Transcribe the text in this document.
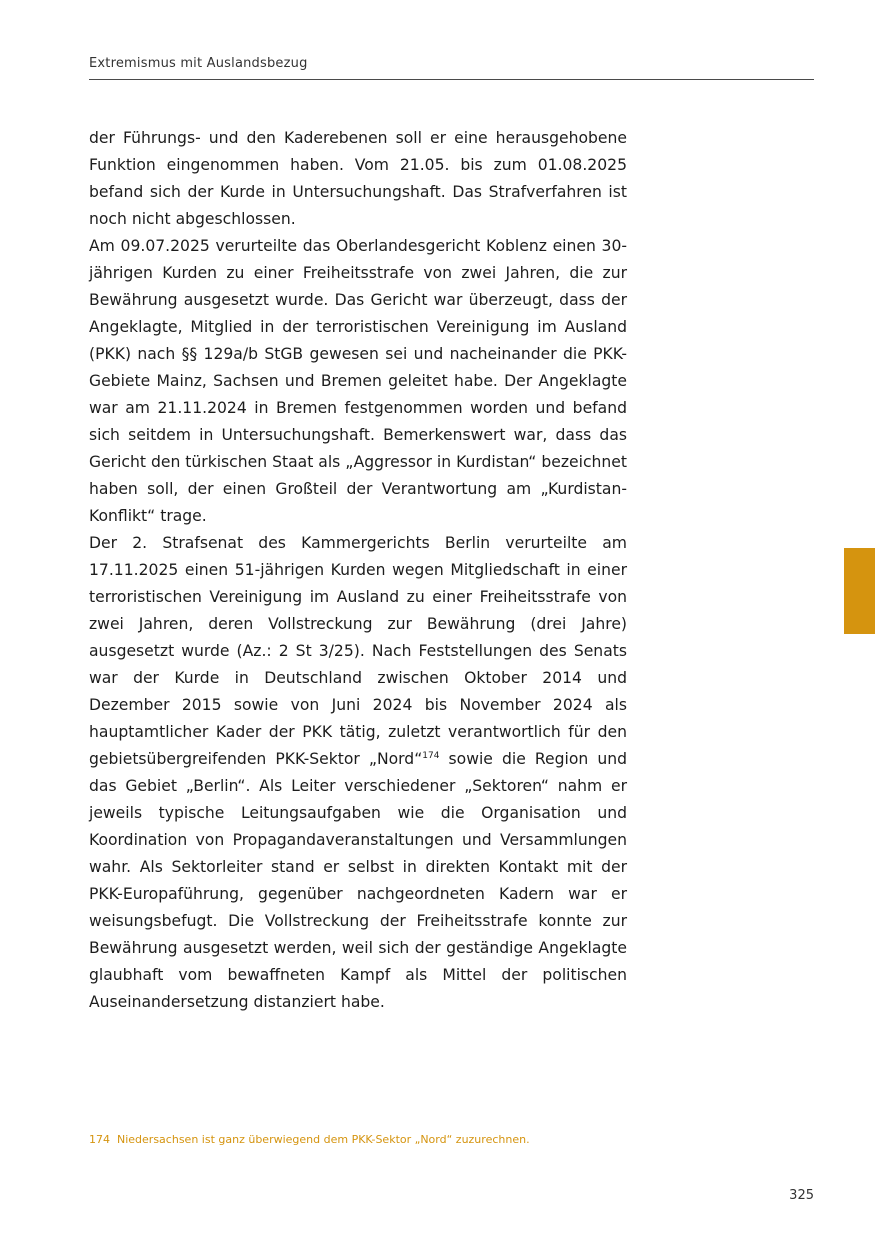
Extremismus mit Auslandsbezug

der Führungs- und den Kaderebenen soll er eine herausgehobene Funktion eingenommen haben. Vom 21.05. bis zum 01.08.2025 befand sich der Kurde in Untersuchungshaft. Das Strafverfahren ist noch nicht abgeschlossen.

Am 09.07.2025 verurteilte das Oberlandesgericht Koblenz einen 30-jährigen Kurden zu einer Freiheitsstrafe von zwei Jahren, die zur Bewährung ausgesetzt wurde. Das Gericht war überzeugt, dass der Angeklagte, Mitglied in der terroristischen Vereinigung im Ausland (PKK) nach §§ 129a/b StGB gewesen sei und nacheinander die PKK-Gebiete Mainz, Sachsen und Bremen geleitet habe. Der Angeklagte war am 21.11.2024 in Bremen festgenommen worden und befand sich seitdem in Untersuchungshaft. Bemerkenswert war, dass das Gericht den türkischen Staat als „Aggressor in Kurdistan“ bezeichnet haben soll, der einen Großteil der Verantwortung am „Kurdistan-Konflikt“ trage.

Der 2. Strafsenat des Kammergerichts Berlin verurteilte am 17.11.2025 einen 51-jährigen Kurden wegen Mitgliedschaft in einer terroristischen Vereinigung im Ausland zu einer Freiheitsstrafe von zwei Jahren, deren Vollstreckung zur Bewährung (drei Jahre) ausgesetzt wurde (Az.: 2 St 3/25). Nach Feststellungen des Senats war der Kurde in Deutschland zwischen Oktober 2014 und Dezember 2015 sowie von Juni 2024 bis November 2024 als hauptamtlicher Kader der PKK tätig, zuletzt verantwortlich für den gebietsübergreifenden PKK-Sektor „Nord“$^{174}$ sowie die Region und das Gebiet „Berlin“. Als Leiter verschiedener „Sektoren“ nahm er jeweils typische Leitungsaufgaben wie die Organisation und Koordination von Propagandaveranstaltungen und Versammlungen wahr. Als Sektorleiter stand er selbst in direkten Kontakt mit der PKK-Europaführung, gegenüber nachgeordneten Kadern war er weisungsbefugt. Die Vollstreckung der Freiheitsstrafe konnte zur Bewährung ausgesetzt werden, weil sich der geständige Angeklagte glaubhaft vom bewaffneten Kampf als Mittel der politischen Auseinandersetzung distanziert habe.

174 Niedersachsen ist ganz überwiegend dem PKK-Sektor „Nord“ zuzurechnen.
325
